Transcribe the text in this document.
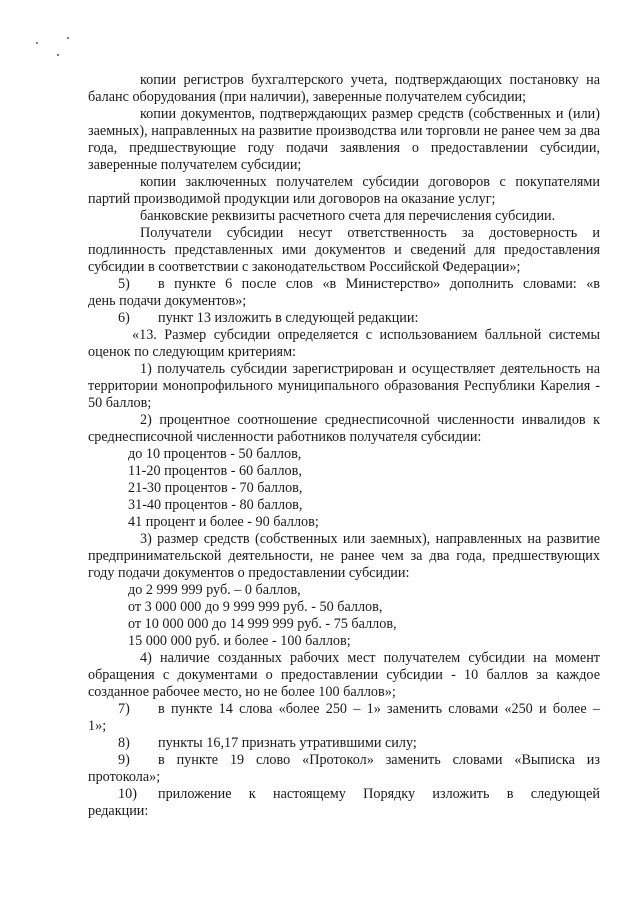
копии регистров бухгалтерского учета, подтверждающих постановку на баланс оборудования (при наличии), заверенные получателем субсидии;

копии документов, подтверждающих размер средств (собственных и (или) заемных), направленных на развитие производства или торговли не ранее чем за два года, предшествующие году подачи заявления о предоставлении субсидии, заверенные получателем субсидии;

копии заключенных получателем субсидии договоров с покупателями партий производимой продукции или договоров на оказание услуг;

банковские реквизиты расчетного счета для перечисления субсидии.

Получатели субсидии несут ответственность за достоверность и подлинность представленных ими документов и сведений для предоставления субсидии в соответствии с законодательством Российской Федерации»;

5)	в пункте 6 после слов «в Министерство» дополнить словами: «в

день подачи документов»;

6)	пункт 13 изложить в следующей редакции:

«13. Размер субсидии определяется с использованием балльной системы оценок по следующим критериям:

1) получатель субсидии зарегистрирован и осуществляет деятельность на территории монопрофильного муниципального образования Республики Карелия - 50 баллов;

2) процентное соотношение среднесписочной численности инвалидов к среднесписочной численности работников получателя субсидии:

до 10 процентов - 50 баллов,
11-20 процентов - 60 баллов,
21-30 процентов - 70 баллов,
31-40 процентов - 80 баллов,
41 процент и более - 90 баллов;

3) размер средств (собственных или заемных), направленных на развитие предпринимательской деятельности, не ранее чем за два года, предшествующих году подачи документов о предоставлении субсидии:

до 2 999 999 руб. – 0 баллов,
от 3 000 000 до 9 999 999 руб. - 50 баллов,
от 10 000 000 до 14 999 999 руб. - 75 баллов,
15 000 000 руб. и более - 100 баллов;

4) наличие созданных рабочих мест получателем субсидии на момент обращения с документами о предоставлении субсидии - 10 баллов за каждое созданное рабочее место, но не более 100 баллов»;

7)	в пункте 14 слова «более 250 – 1» заменить словами «250 и более –

1»;

8)	пункты 16,17 признать утратившими силу;
9)	в пункте 19 слово «Протокол» заменить словами «Выписка из

протокола»;

10)	приложение к настоящему Порядку изложить в следующей

редакции:
